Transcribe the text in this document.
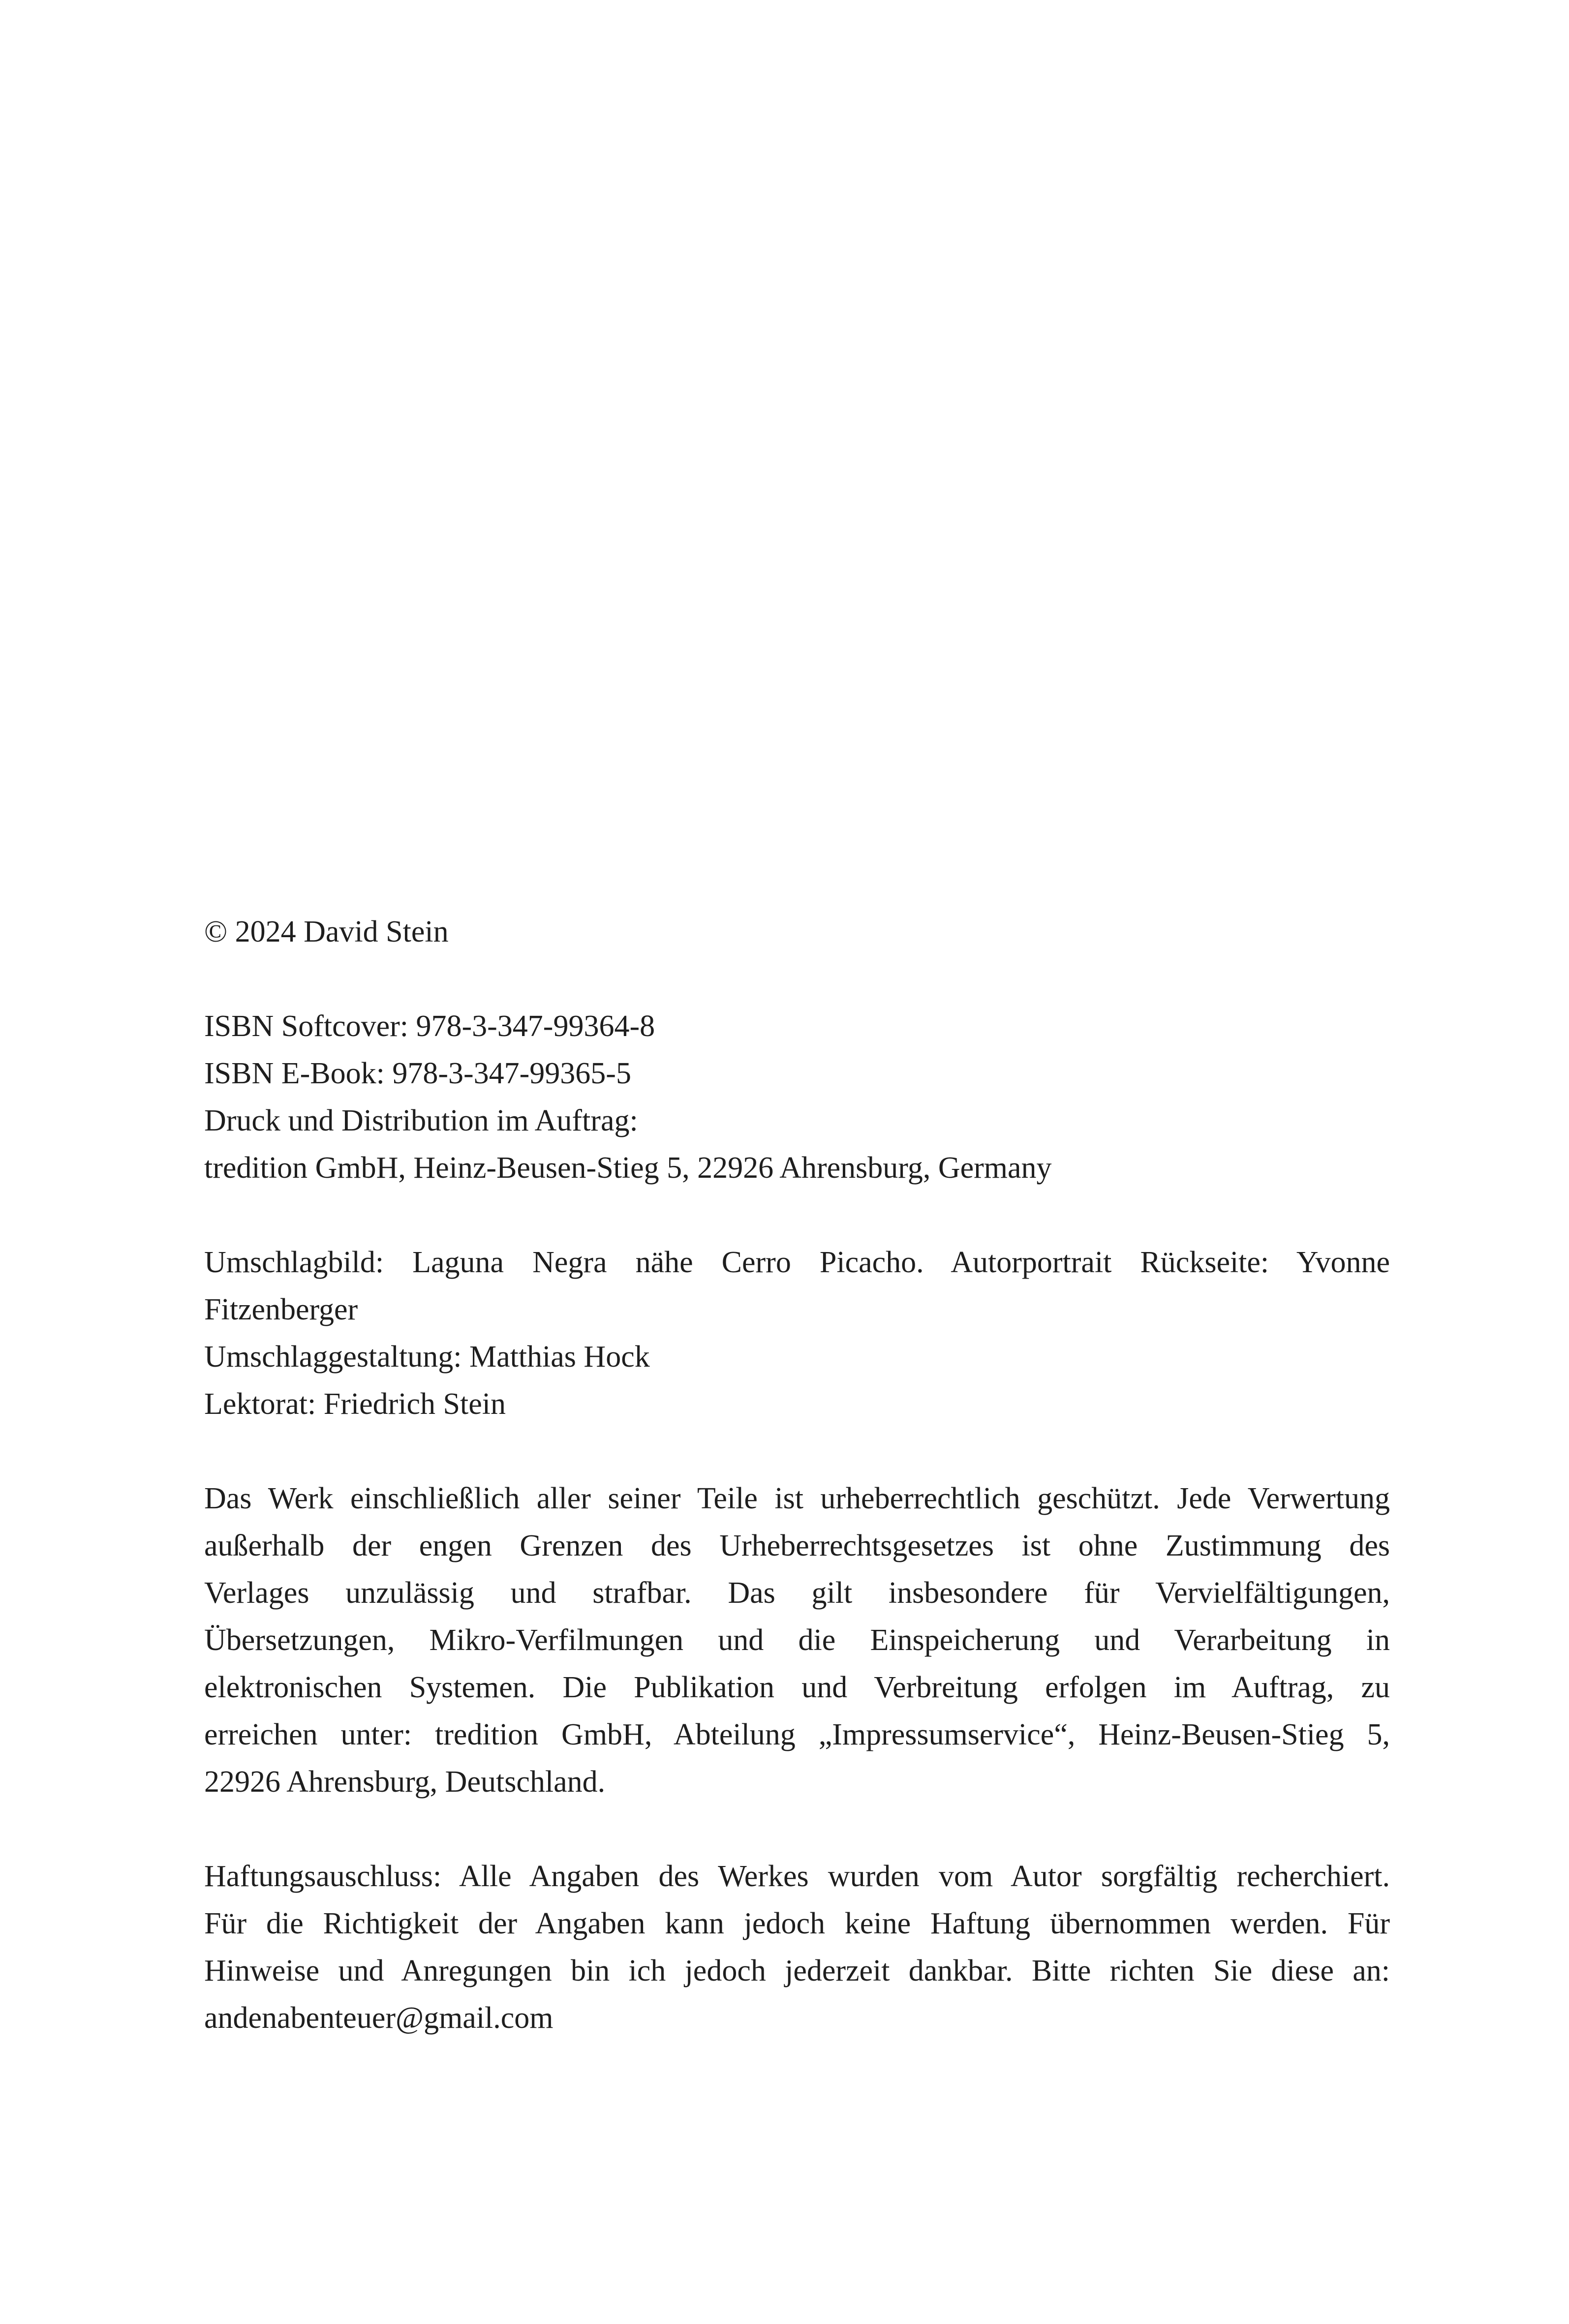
© 2024 David Stein
ISBN Softcover: 978-3-347-99364-8
ISBN E-Book: 978-3-347-99365-5
Druck und Distribution im Auftrag:
tredition GmbH, Heinz-Beusen-Stieg 5, 22926 Ahrensburg, Germany
Umschlagbild: Laguna Negra nähe Cerro Picacho. Autorportrait Rückseite: Yvonne
Fitzenberger
Umschlaggestaltung: Matthias Hock
Lektorat: Friedrich Stein
Das Werk einschließlich aller seiner Teile ist urheberrechtlich geschützt. Jede Verwertung
außerhalb der engen Grenzen des Urheberrechtsgesetzes ist ohne Zustimmung des
Verlages unzulässig und strafbar. Das gilt insbesondere für Vervielfältigungen,
Übersetzungen, Mikro-Verfilmungen und die Einspeicherung und Verarbeitung in
elektronischen Systemen. Die Publikation und Verbreitung erfolgen im Auftrag, zu
erreichen unter: tredition GmbH, Abteilung „Impressumservice“, Heinz-Beusen-Stieg 5,
22926 Ahrensburg, Deutschland.
Haftungsauschluss: Alle Angaben des Werkes wurden vom Autor sorgfältig recherchiert.
Für die Richtigkeit der Angaben kann jedoch keine Haftung übernommen werden. Für
Hinweise und Anregungen bin ich jedoch jederzeit dankbar. Bitte richten Sie diese an:
andenabenteuer@gmail.com
